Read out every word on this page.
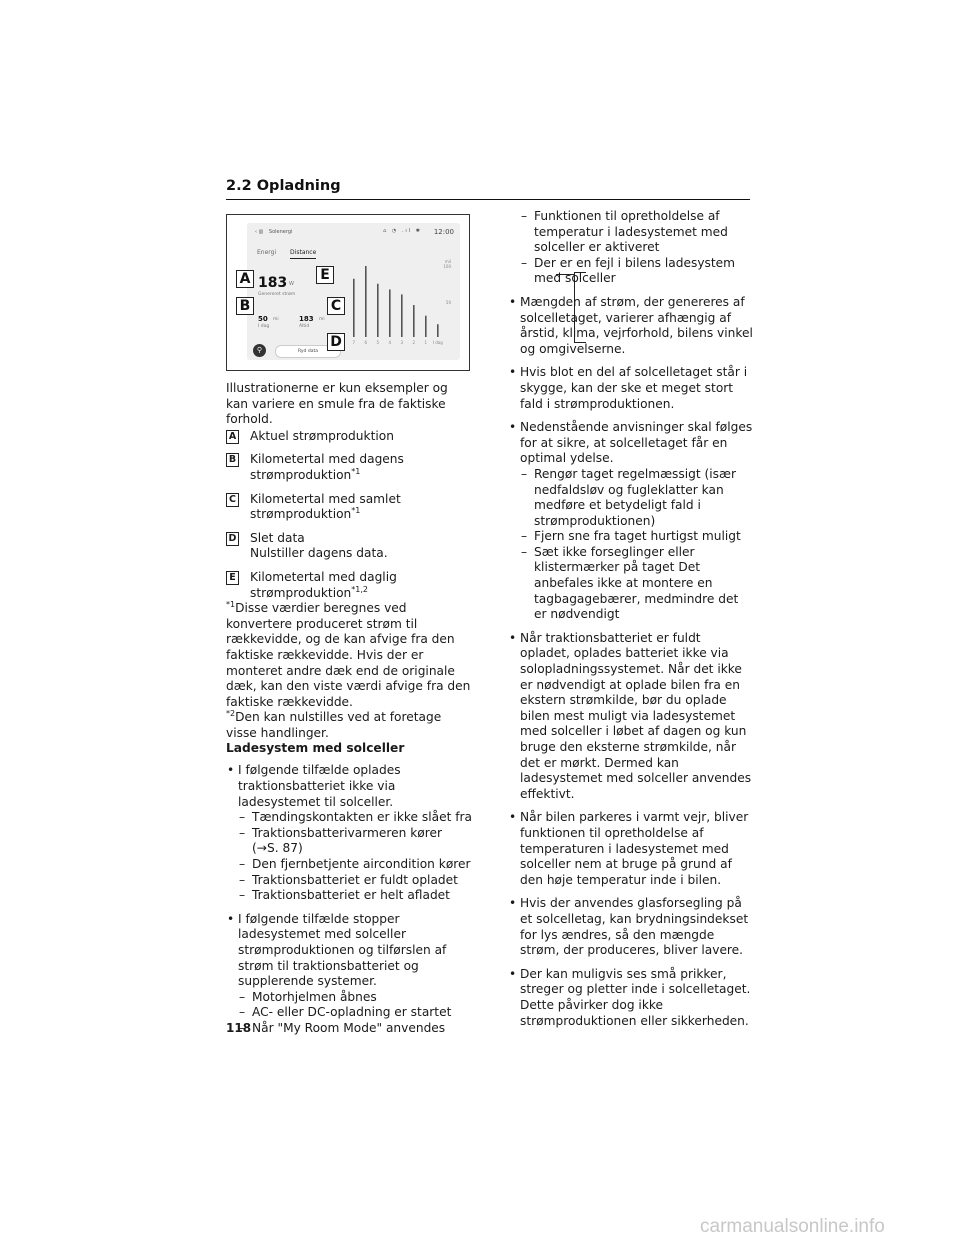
2.2 Opladning
‹ ▥ Solenergi	⌂ ◔ .ıl ✱ 12:00
Energi Distance
183 W
Genereret strøm
50 mi
I dag
183 mi
Altid
⚲	Ryd data
mil
100
50
7 6 5 4 3 2 1 I dag
A
B	C
D
E

Illustrationerne er kun eksempler og kan variere en smule fra de faktiske forhold.

A Aktuel strømproduktion
B Kilometertal med dagens
strømproduktion$^{*1}$
C Kilometertal med samlet
strømproduktion$^{*1}$
D Slet data
Nulstiller dagens data.
E Kilometertal med daglig
strømproduktion$^{*1,2}$

$^{*1}$Disse værdier beregnes ved konvertere produceret strøm til rækkevidde, og de kan afvige fra den faktiske rækkevidde. Hvis der er monteret andre dæk end de originale dæk, kan den viste værdi afvige fra den faktiske rækkevidde.

$^{*2}$Den kan nulstilles ved at foretage visse handlinger.

Ladesystem med solceller

• I følgende tilfælde oplades traktionsbatteriet ikke via ladesystemet til solceller.
– Tændingskontakten er ikke slået fra
– Traktionsbatterivarmeren kører (→S. 87)
– Den fjernbetjente aircondition kører
– Traktionsbatteriet er fuldt opladet
– Traktionsbatteriet er helt afladet
• I følgende tilfælde stopper ladesystemet med solceller strømproduktionen og tilførslen af strøm til traktionsbatteriet og supplerende systemer.
– Motorhjelmen åbnes
– AC- eller DC-opladning er startet
– Når "My Room Mode" anvendes
– Funktionen til opretholdelse af temperatur i ladesystemet med solceller er aktiveret
– Der er en fejl i bilens ladesystem med solceller
• Mængden af strøm, der genereres af solcelletaget, varierer afhængig af årstid, klima, vejrforhold, bilens vinkel og omgivelserne.
• Hvis blot en del af solcelletaget står i skygge, kan der ske et meget stort fald i strømproduktionen.
• Nedenstående anvisninger skal følges for at sikre, at solcelletaget får en optimal ydelse.
– Rengør taget regelmæssigt (især nedfaldsløv og fugleklatter kan medføre et betydeligt fald i strømproduktionen)
– Fjern sne fra taget hurtigst muligt
– Sæt ikke forseglinger eller klistermærker på taget Det anbefales ikke at montere en tagbagagebærer, medmindre det er nødvendigt
• Når traktionsbatteriet er fuldt opladet, oplades batteriet ikke via solopladningssystemet. Når det ikke er nødvendigt at oplade bilen fra en ekstern strømkilde, bør du oplade bilen mest muligt via ladesystemet med solceller i løbet af dagen og kun bruge den eksterne strømkilde, når det er mørkt. Dermed kan ladesystemet med solceller anvendes effektivt.
• Når bilen parkeres i varmt vejr, bliver funktionen til opretholdelse af temperaturen i ladesystemet med solceller nem at bruge på grund af den høje temperatur inde i bilen.
• Hvis der anvendes glasforsegling på et solcelletag, kan brydningsindekset for lys ændres, så den mængde strøm, der produceres, bliver lavere.
• Der kan muligvis ses små prikker, streger og pletter inde i solcelletaget. Dette påvirker dog ikke strømproduktionen eller sikkerheden.
118
carmanualsonline.info
